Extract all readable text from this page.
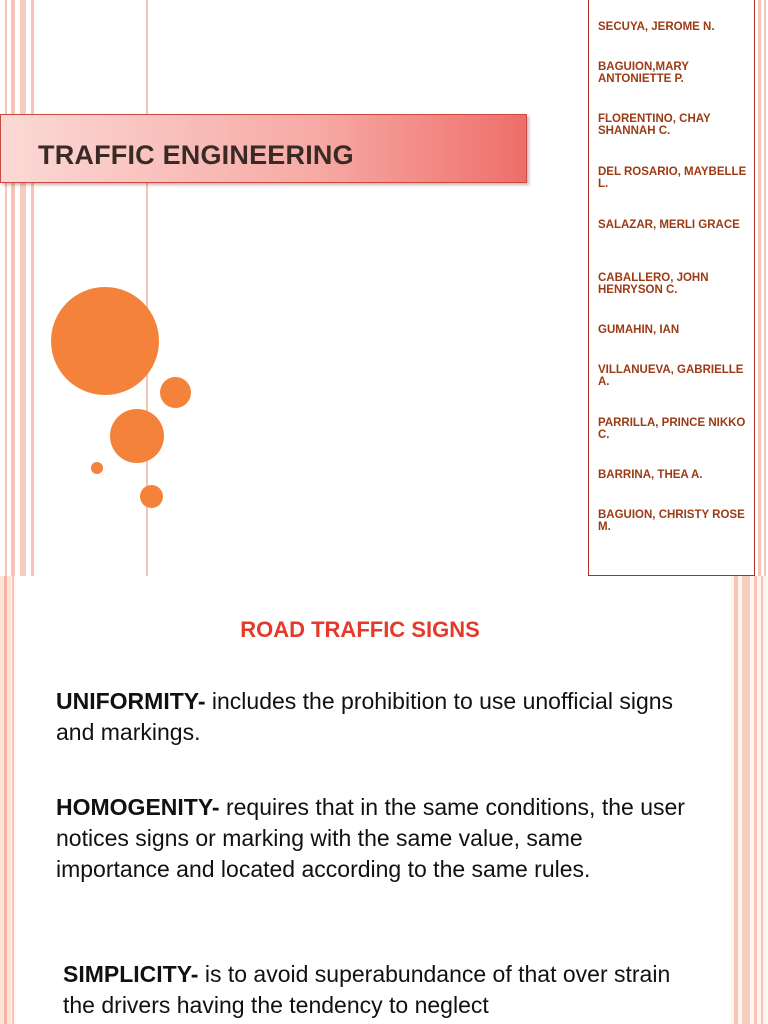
TRAFFIC ENGINEERING
SECUYA, JEROME N.
BAGUION,MARY ANTONIETTE P.
FLORENTINO, CHAY SHANNAH C.
DEL ROSARIO, MAYBELLE L.
SALAZAR, MERLI GRACE
CABALLERO, JOHN HENRYSON C.
GUMAHIN, IAN
VILLANUEVA, GABRIELLE A.
PARRILLA, PRINCE NIKKO C.
BARRINA, THEA A.
BAGUION, CHRISTY ROSE M.
ROAD TRAFFIC SIGNS
UNIFORMITY- includes the prohibition to use unofficial signs and markings.
HOMOGENITY- requires that in the same conditions, the user notices signs or marking with the same value, same importance and located according to the same rules.
SIMPLICITY- is to avoid superabundance of that over strain the drivers having the tendency to neglect
